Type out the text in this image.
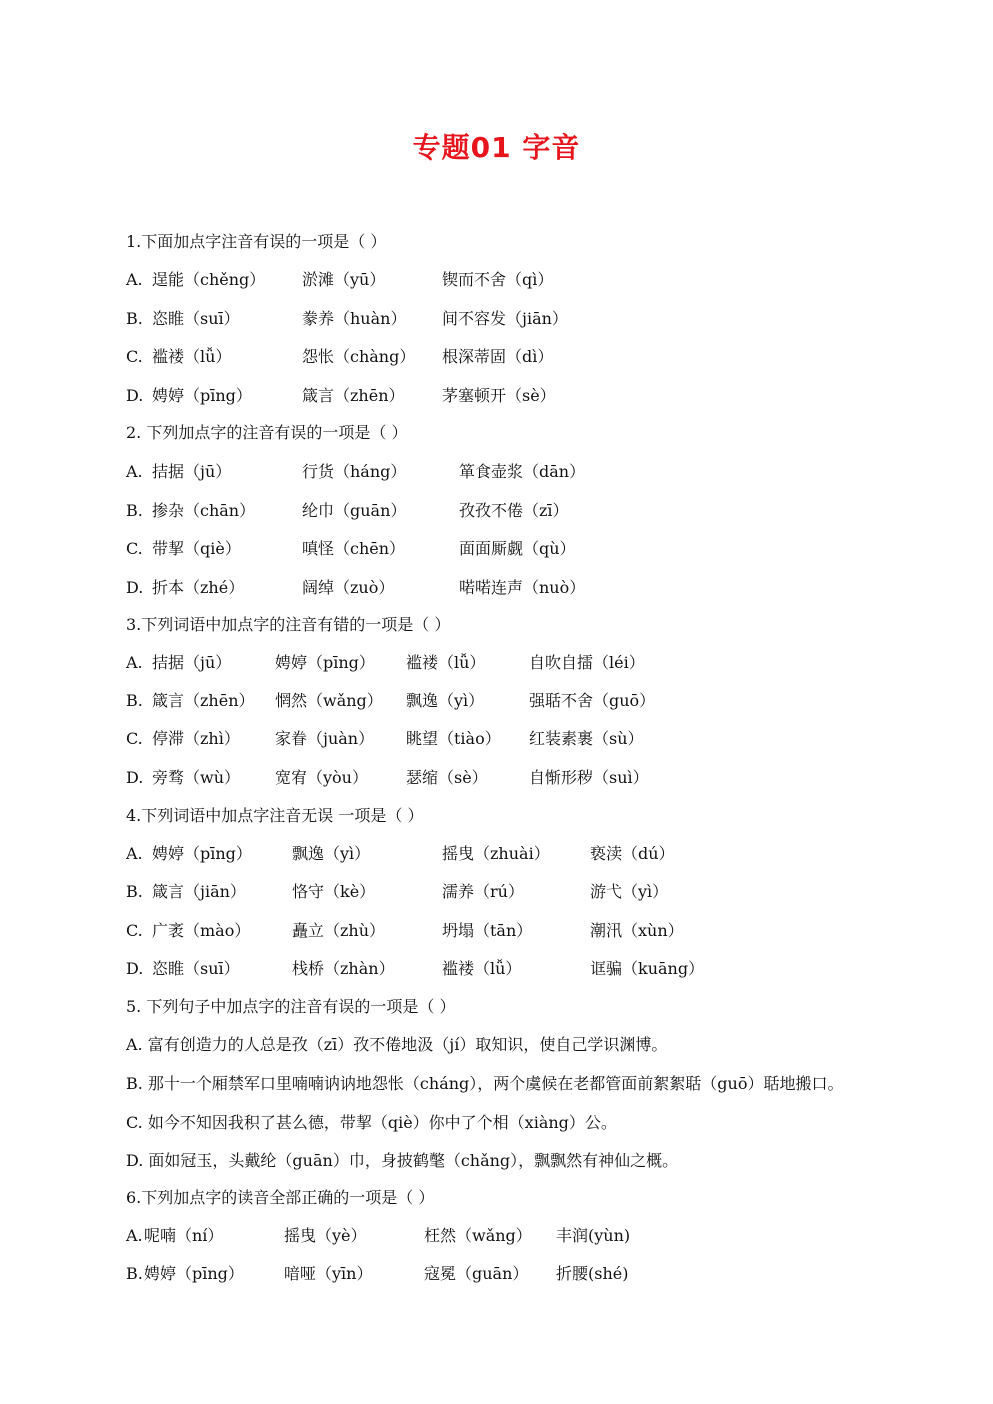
专题01 字音
1.下面加点字注音有误的一项是（ ）
A. 逞能（chěng） 淤滩（yū）	锲而不舍（qì）
B. 恣睢（suī）	豢养（huàn） 间不容发（jiān）
C. 褴褛（lǚ）	怨怅（chàng） 根深蒂固（dì）
D. 娉婷（pīng）	箴言（zhēn） 茅塞顿开（sè）
2. 下列加点字的注音有误的一项是（ ）
A. 拮据（jū）	行货（háng）	箪食壶浆（dān）
B. 掺杂（chān）	纶巾（guān）	孜孜不倦（zī）
C. 带挈（qiè）	嗔怪（chēn）	面面厮觑（qù）
D. 折本（zhé）	阔绰（zuò）	喏喏连声（nuò）
3.下列词语中加点字的注音有错的一项是（ ）
A. 拮据（jū）	娉婷（pīng） 褴褛（lǚ）	自吹自擂（léi）
B. 箴言（zhēn） 惘然（wǎng） 飘逸（yì）	强聒不舍（guō）
C. 停滞（zhì） 家眷（juàn） 眺望（tiào） 红装素裹（sù）
D. 旁骛（wù） 宽宥（yòu） 瑟缩（sè）	自惭形秽（suì）
4.下列词语中加点字注音无误 一项是（ ）
A. 娉婷（pīng）	飘逸（yì）	摇曳（zhuài）	亵渎（dú）
B. 箴言（jiān）	恪守（kè）	濡养（rú）	游弋（yì）
C. 广袤（mào）	矗立（zhù）	坍塌（tān）	潮汛（xùn）
D. 恣睢（suī）	栈桥（zhàn）	褴褛（lǚ）	诓骗（kuāng）
5. 下列句子中加点字的注音有误的一项是（ ）
A. 富有创造力的人总是孜（zī）孜不倦地汲（jí）取知识，使自己学识渊博。
B. 那十一个厢禁军口里喃喃讷讷地怨怅（cháng），两个虞候在老都管面前絮絮聒（guō）聒地搬口。
C. 如今不知因我积了甚么德，带挈（qiè）你中了个相（xiàng）公。
D. 面如冠玉，头戴纶（guān）巾，身披鹤氅（chǎng），飘飘然有神仙之概。
6.下列加点字的读音全部正确的一项是（ ）
A. 呢喃（ní）	摇曳（yè）	枉然（wǎng） 丰润(yùn)
B. 娉婷（pīng）	喑哑（yīn）	寇冕（guān） 折腰(shé)
